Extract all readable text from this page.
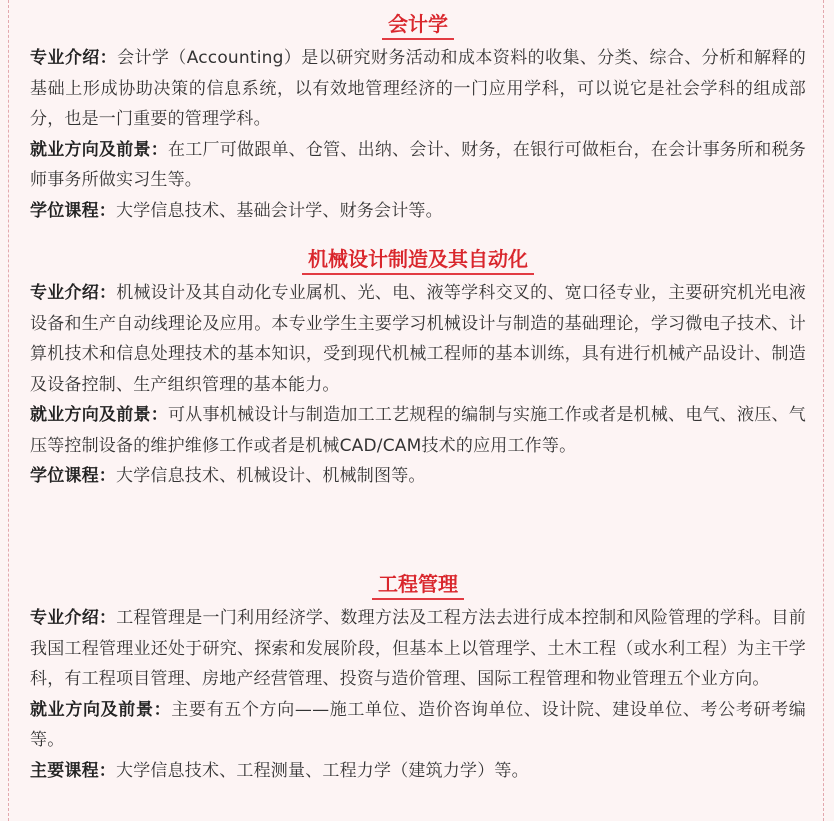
会计学

专业介绍：会计学（Accounting）是以研究财务活动和成本资料的收集、分类、综合、分析和解释的基础上形成协助决策的信息系统，以有效地管理经济的一门应用学科，可以说它是社会学科的组成部分，也是一门重要的管理学科。

就业方向及前景：在工厂可做跟单、仓管、出纳、会计、财务，在银行可做柜台，在会计事务所和税务师事务所做实习生等。

学位课程：大学信息技术、基础会计学、财务会计等。

机械设计制造及其自动化

专业介绍：机械设计及其自动化专业属机、光、电、液等学科交叉的、宽口径专业，主要研究机光电液设备和生产自动线理论及应用。本专业学生主要学习机械设计与制造的基础理论，学习微电子技术、计算机技术和信息处理技术的基本知识，受到现代机械工程师的基本训练，具有进行机械产品设计、制造及设备控制、生产组织管理的基本能力。

就业方向及前景：可从事机械设计与制造加工工艺规程的编制与实施工作或者是机械、电气、液压、气压等控制设备的维护维修工作或者是机械CAD/CAM技术的应用工作等。

学位课程：大学信息技术、机械设计、机械制图等。

工程管理

专业介绍：工程管理是一门利用经济学、数理方法及工程方法去进行成本控制和风险管理的学科。目前我国工程管理业还处于研究、探索和发展阶段，但基本上以管理学、土木工程（或水利工程）为主干学科，有工程项目管理、房地产经营管理、投资与造价管理、国际工程管理和物业管理五个业方向。

就业方向及前景：主要有五个方向——施工单位、造价咨询单位、设计院、建设单位、考公考研考编等。

主要课程：大学信息技术、工程测量、工程力学（建筑力学）等。
